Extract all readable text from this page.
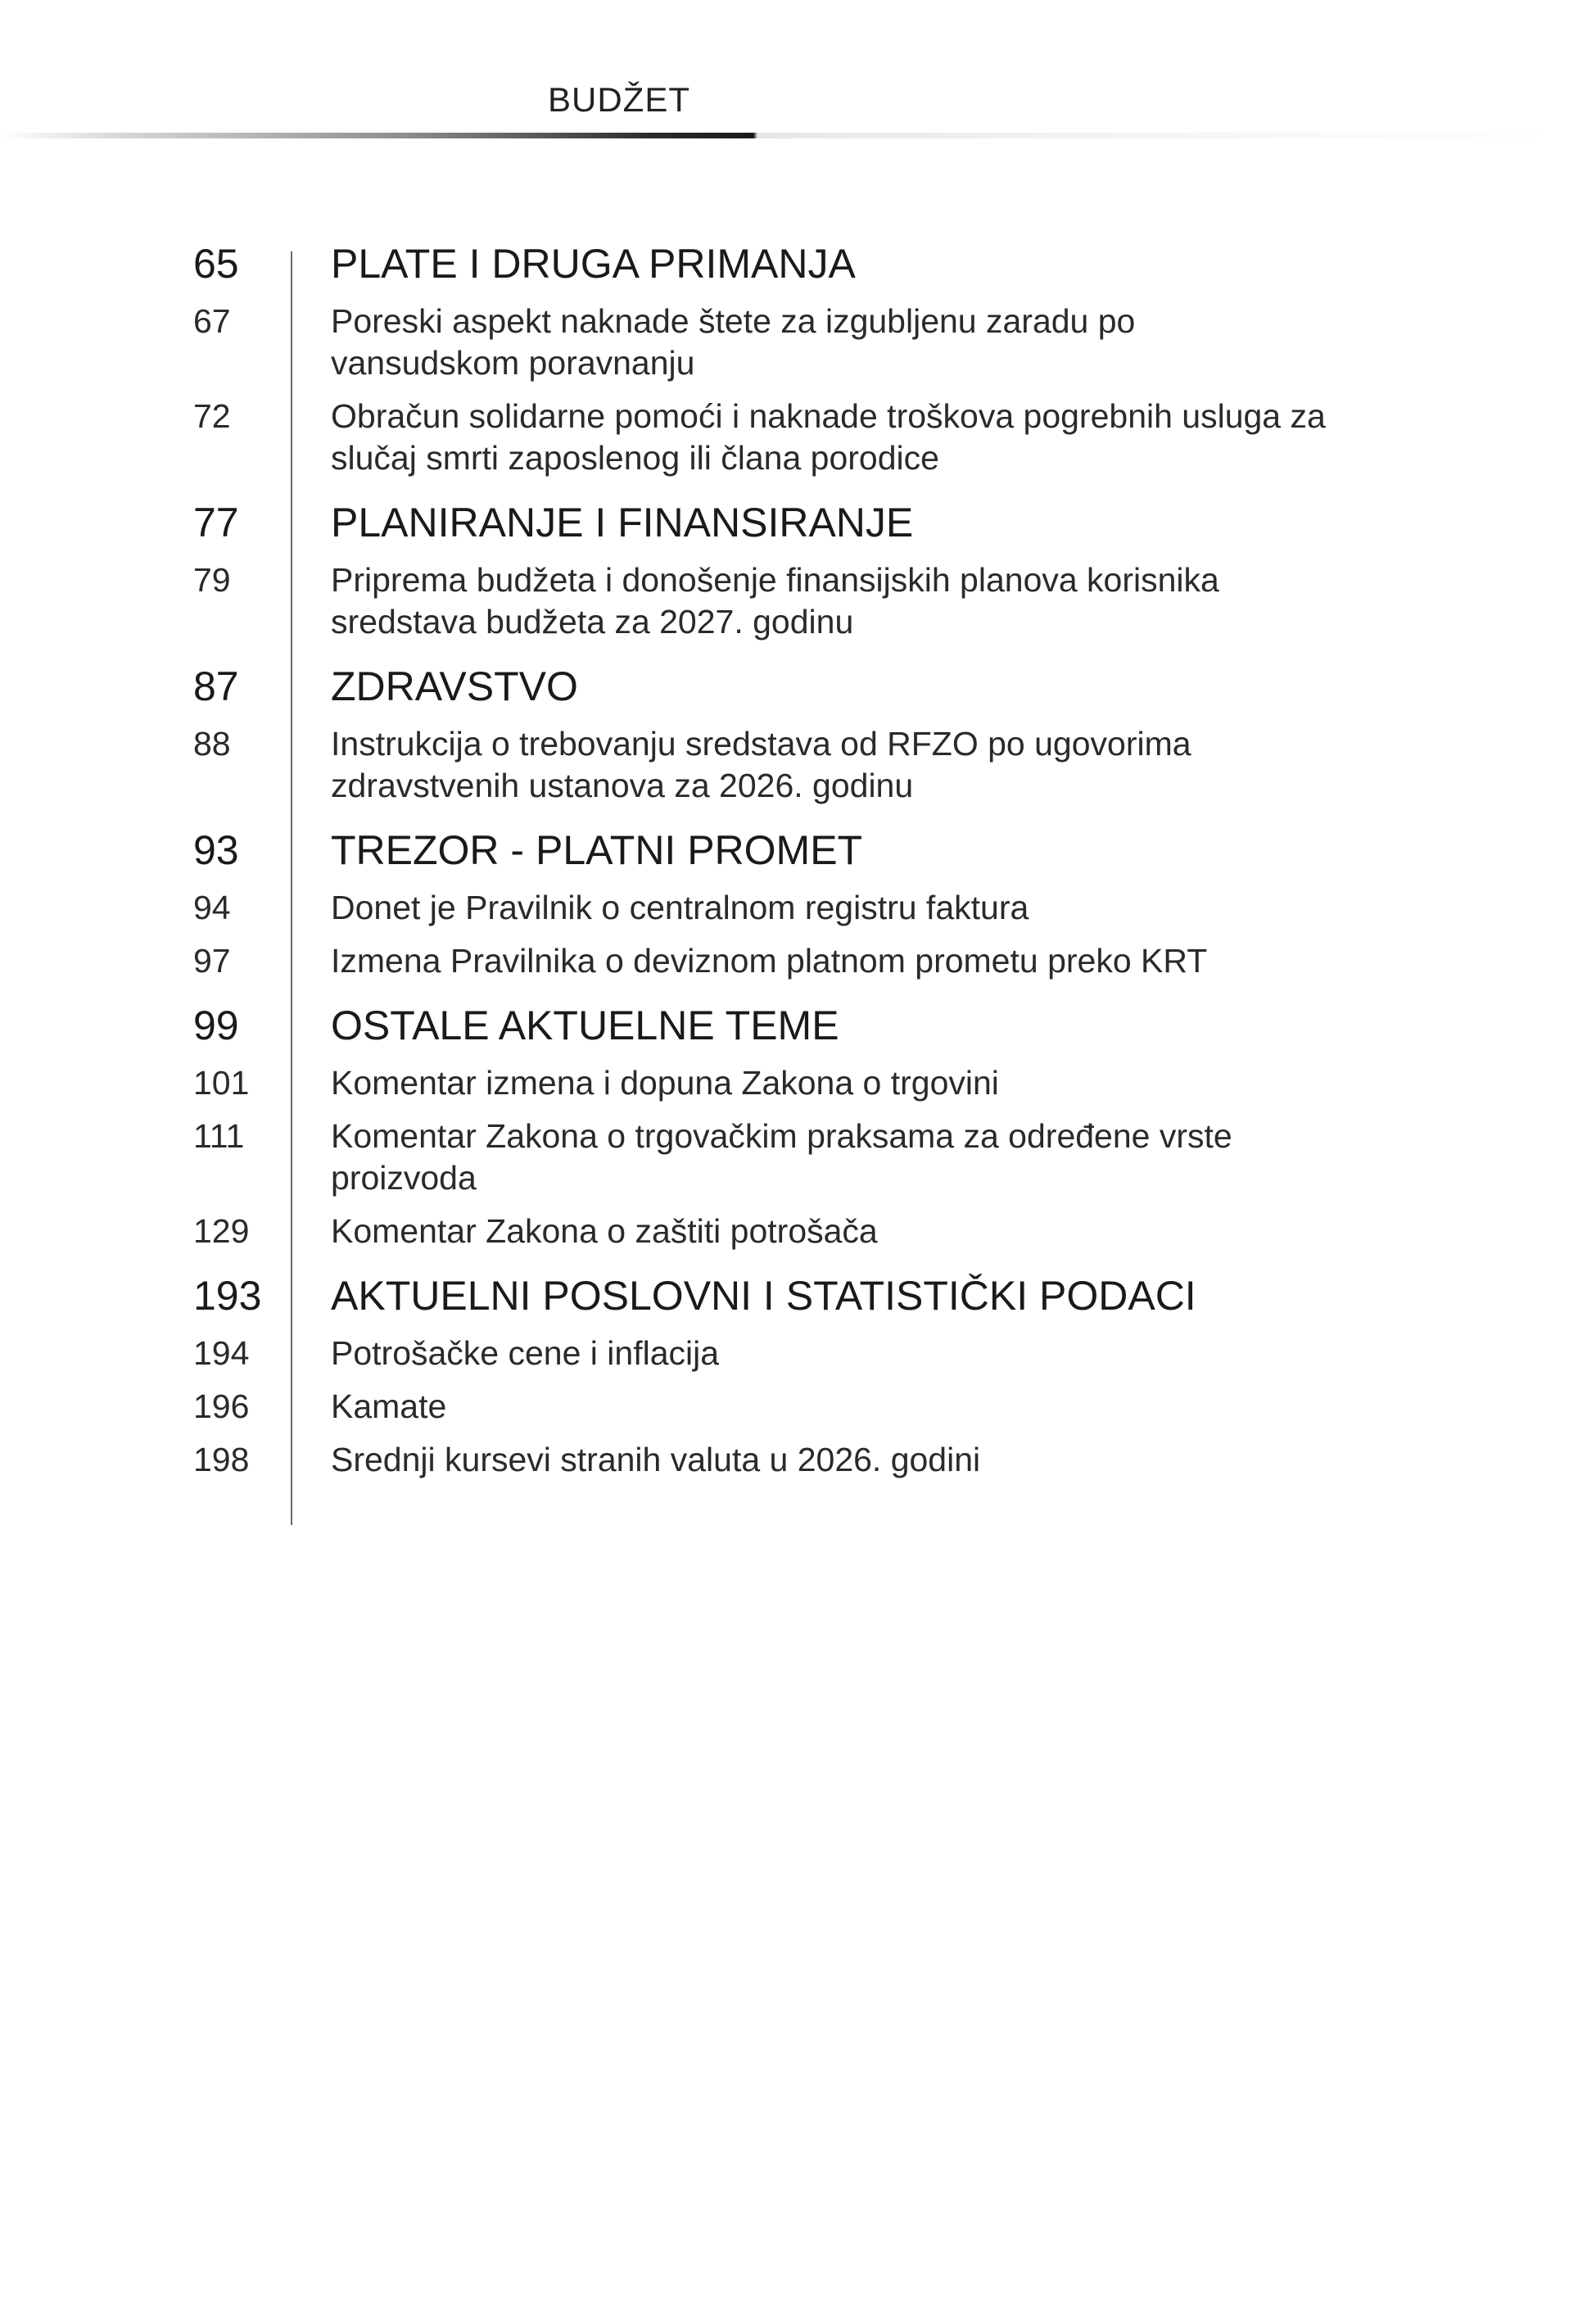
BUDŽET
65	PLATE I DRUGA PRIMANJA
67	Poreski aspekt naknade štete za izgubljenu zaradu po vansudskom poravnanju
72	Obračun solidarne pomoći i naknade troškova pogrebnih usluga za slučaj smrti zaposlenog ili člana porodice
77	PLANIRANJE I FINANSIRANJE
79	Priprema budžeta i donošenje finansijskih planova korisnika sredstava budžeta za 2027. godinu
87	ZDRAVSTVO
88	Instrukcija o trebovanju sredstava od RFZO po ugovorima zdravstvenih ustanova za 2026. godinu
93	TREZOR - PLATNI PROMET
94	Donet je Pravilnik o centralnom registru faktura
97	Izmena Pravilnika o deviznom platnom prometu preko KRT
99	OSTALE AKTUELNE TEME
101	Komentar izmena i dopuna Zakona o trgovini
111	Komentar Zakona o trgovačkim praksama za određene vrste proizvoda
129	Komentar Zakona o zaštiti potrošača
193	AKTUELNI POSLOVNI I STATISTIČKI PODACI
194	Potrošačke cene i inflacija
196	Kamate
198	Srednji kursevi stranih valuta u 2026. godini
